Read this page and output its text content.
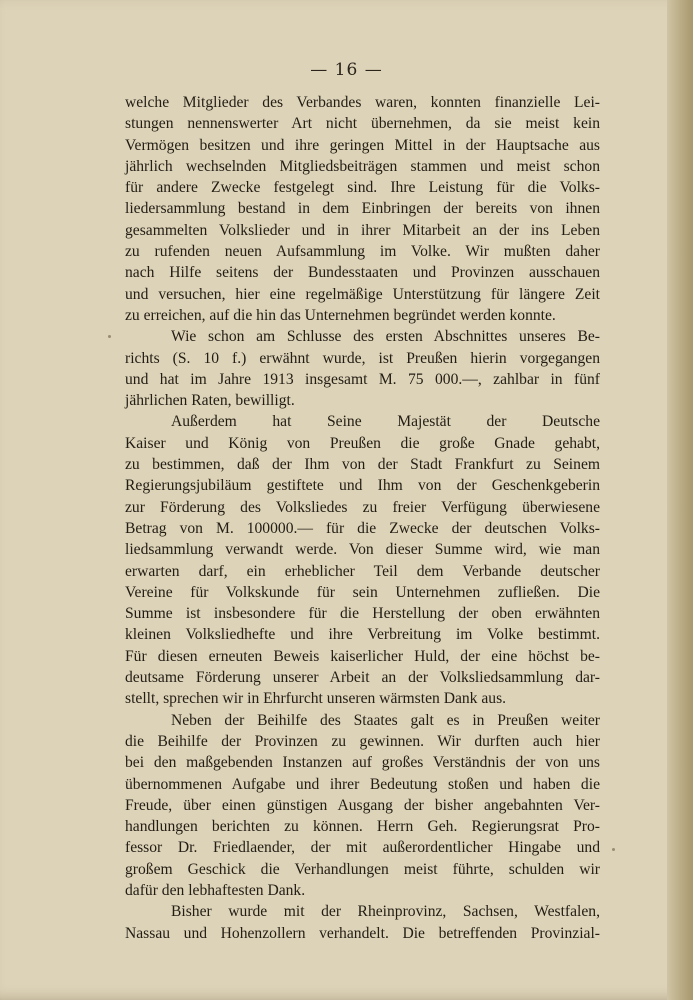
— 16 —
welche Mitglieder des Verbandes waren, konnten finanzielle Lei-
stungen nennenswerter Art nicht übernehmen, da sie meist kein
Vermögen besitzen und ihre geringen Mittel in der Hauptsache aus
jährlich wechselnden Mitgliedsbeiträgen stammen und meist schon
für andere Zwecke festgelegt sind. Ihre Leistung für die Volks-
liedersammlung bestand in dem Einbringen der bereits von ihnen
gesammelten Volkslieder und in ihrer Mitarbeit an der ins Leben
zu rufenden neuen Aufsammlung im Volke. Wir mußten daher
nach Hilfe seitens der Bundesstaaten und Provinzen ausschauen
und versuchen, hier eine regelmäßige Unterstützung für längere Zeit
zu erreichen, auf die hin das Unternehmen begründet werden konnte.
Wie schon am Schlusse des ersten Abschnittes unseres Be-
richts (S. 10 f.) erwähnt wurde, ist Preußen hierin vorgegangen
und hat im Jahre 1913 insgesamt M. 75 000.—, zahlbar in fünf
jährlichen Raten, bewilligt.
Außerdem hat Seine Majestät der Deutsche
Kaiser und König von Preußen die große Gnade gehabt,
zu bestimmen, daß der Ihm von der Stadt Frankfurt zu Seinem
Regierungsjubiläum gestiftete und Ihm von der Geschenkgeberin
zur Förderung des Volksliedes zu freier Verfügung überwiesene
Betrag von M. 100000.— für die Zwecke der deutschen Volks-
liedsammlung verwandt werde. Von dieser Summe wird, wie man
erwarten darf, ein erheblicher Teil dem Verbande deutscher
Vereine für Volkskunde für sein Unternehmen zufließen. Die
Summe ist insbesondere für die Herstellung der oben erwähnten
kleinen Volksliedhefte und ihre Verbreitung im Volke bestimmt.
Für diesen erneuten Beweis kaiserlicher Huld, der eine höchst be-
deutsame Förderung unserer Arbeit an der Volksliedsammlung dar-
stellt, sprechen wir in Ehrfurcht unseren wärmsten Dank aus.
Neben der Beihilfe des Staates galt es in Preußen weiter
die Beihilfe der Provinzen zu gewinnen. Wir durften auch hier
bei den maßgebenden Instanzen auf großes Verständnis der von uns
übernommenen Aufgabe und ihrer Bedeutung stoßen und haben die
Freude, über einen günstigen Ausgang der bisher angebahnten Ver-
handlungen berichten zu können. Herrn Geh. Regierungsrat Pro-
fessor Dr. Friedlaender, der mit außerordentlicher Hingabe und
großem Geschick die Verhandlungen meist führte, schulden wir
dafür den lebhaftesten Dank.
Bisher wurde mit der Rheinprovinz, Sachsen, Westfalen,
Nassau und Hohenzollern verhandelt. Die betreffenden Provinzial-
